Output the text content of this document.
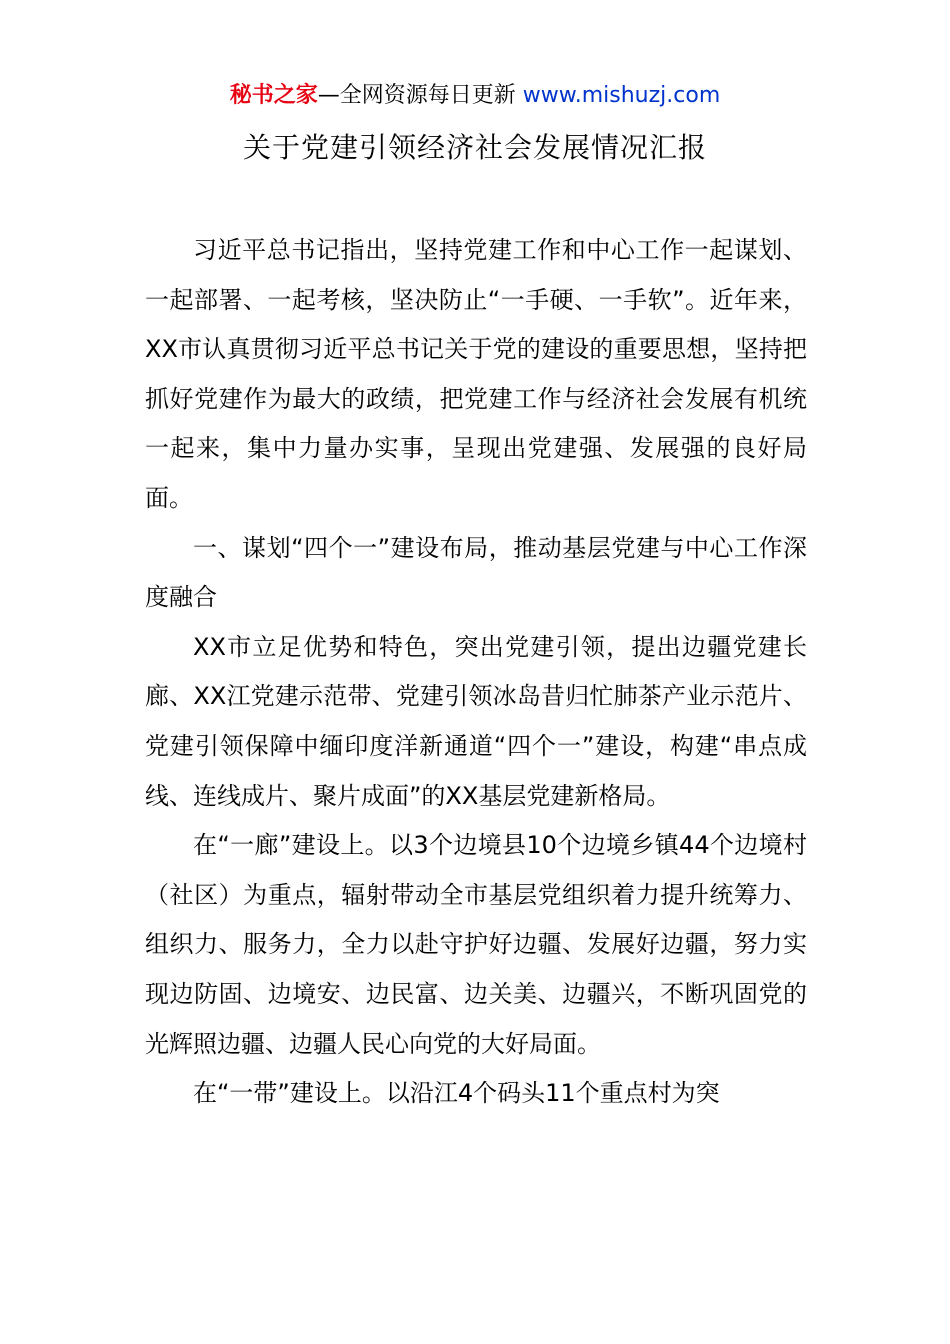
秘书之家—全网资源每日更新 www.mishuzj.com
关于党建引领经济社会发展情况汇报

习近平总书记指出，坚持党建工作和中心工作一起谋划、一起部署、一起考核，坚决防止“一手硬、一手软”。近年来，XX市认真贯彻习近平总书记关于党的建设的重要思想，坚持把抓好党建作为最大的政绩，把党建工作与经济社会发展有机统一起来，集中力量办实事，呈现出党建强、发展强的良好局面。

一、谋划“四个一”建设布局，推动基层党建与中心工作深度融合

XX市立足优势和特色，突出党建引领，提出边疆党建长廊、XX江党建示范带、党建引领冰岛昔归忙肺茶产业示范片、党建引领保障中缅印度洋新通道“四个一”建设，构建“串点成线、连线成片、聚片成面”的XX基层党建新格局。

在“一廊”建设上。以3个边境县10个边境乡镇44个边境村（社区）为重点，辐射带动全市基层党组织着力提升统筹力、组织力、服务力，全力以赴守护好边疆、发展好边疆，努力实现边防固、边境安、边民富、边关美、边疆兴，不断巩固党的光辉照边疆、边疆人民心向党的大好局面。

在“一带”建设上。以沿江4个码头11个重点村为突
